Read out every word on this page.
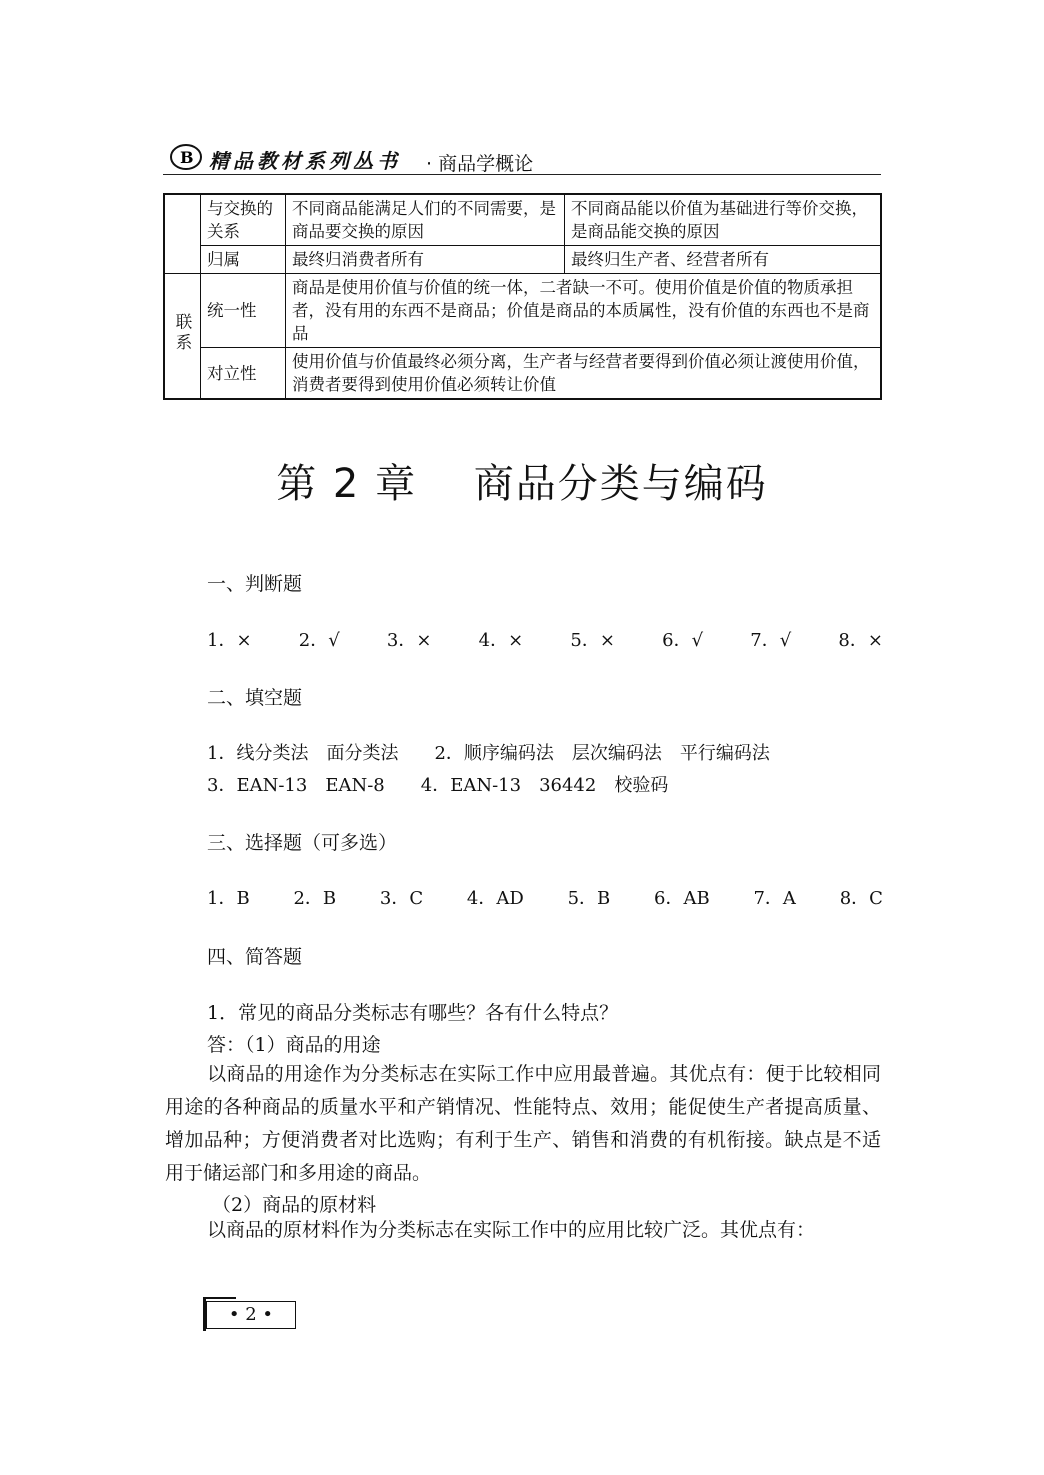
B 精品教材系列丛书 · 商品学概论
	与交换的关系	不同商品能满足人们的不同需要，是商品要交换的原因	不同商品能以价值为基础进行等价交换，是商品能交换的原因
	归属	最终归消费者所有	最终归生产者、经营者所有
联系	统一性	商品是使用价值与价值的统一体，二者缺一不可。使用价值是价值的物质承担者，没有用的东西不是商品；价值是商品的本质属性，没有价值的东西也不是商品	
	对立性	使用价值与价值最终必须分离，生产者与经营者要得到价值必须让渡使用价值，消费者要得到使用价值必须转让价值	
第 2 章　 商品分类与编码
一、判断题
1．×	2．√	3．×	4．×	5．×	6．√	7．√	8．×
二、填空题
1．线分类法　面分类法　　2．顺序编码法　层次编码法　平行编码法
3．EAN-13　EAN-8　　4．EAN-13　36442　校验码
三、选择题（可多选）
1．B 2．B 3．C 4．AD 5．B 6．AB 7．A 8．C
四、简答题
1．常见的商品分类标志有哪些？各有什么特点？
答：（1）商品的用途

以商品的用途作为分类标志在实际工作中应用最普遍。其优点有：便于比较相同用途的各种商品的质量水平和产销情况、性能特点、效用；能促使生产者提高质量、增加品种；方便消费者对比选购；有利于生产、销售和消费的有机衔接。缺点是不适用于储运部门和多用途的商品。

（2）商品的原材料

以商品的原材料作为分类标志在实际工作中的应用比较广泛。其优点有：

• 2 •
